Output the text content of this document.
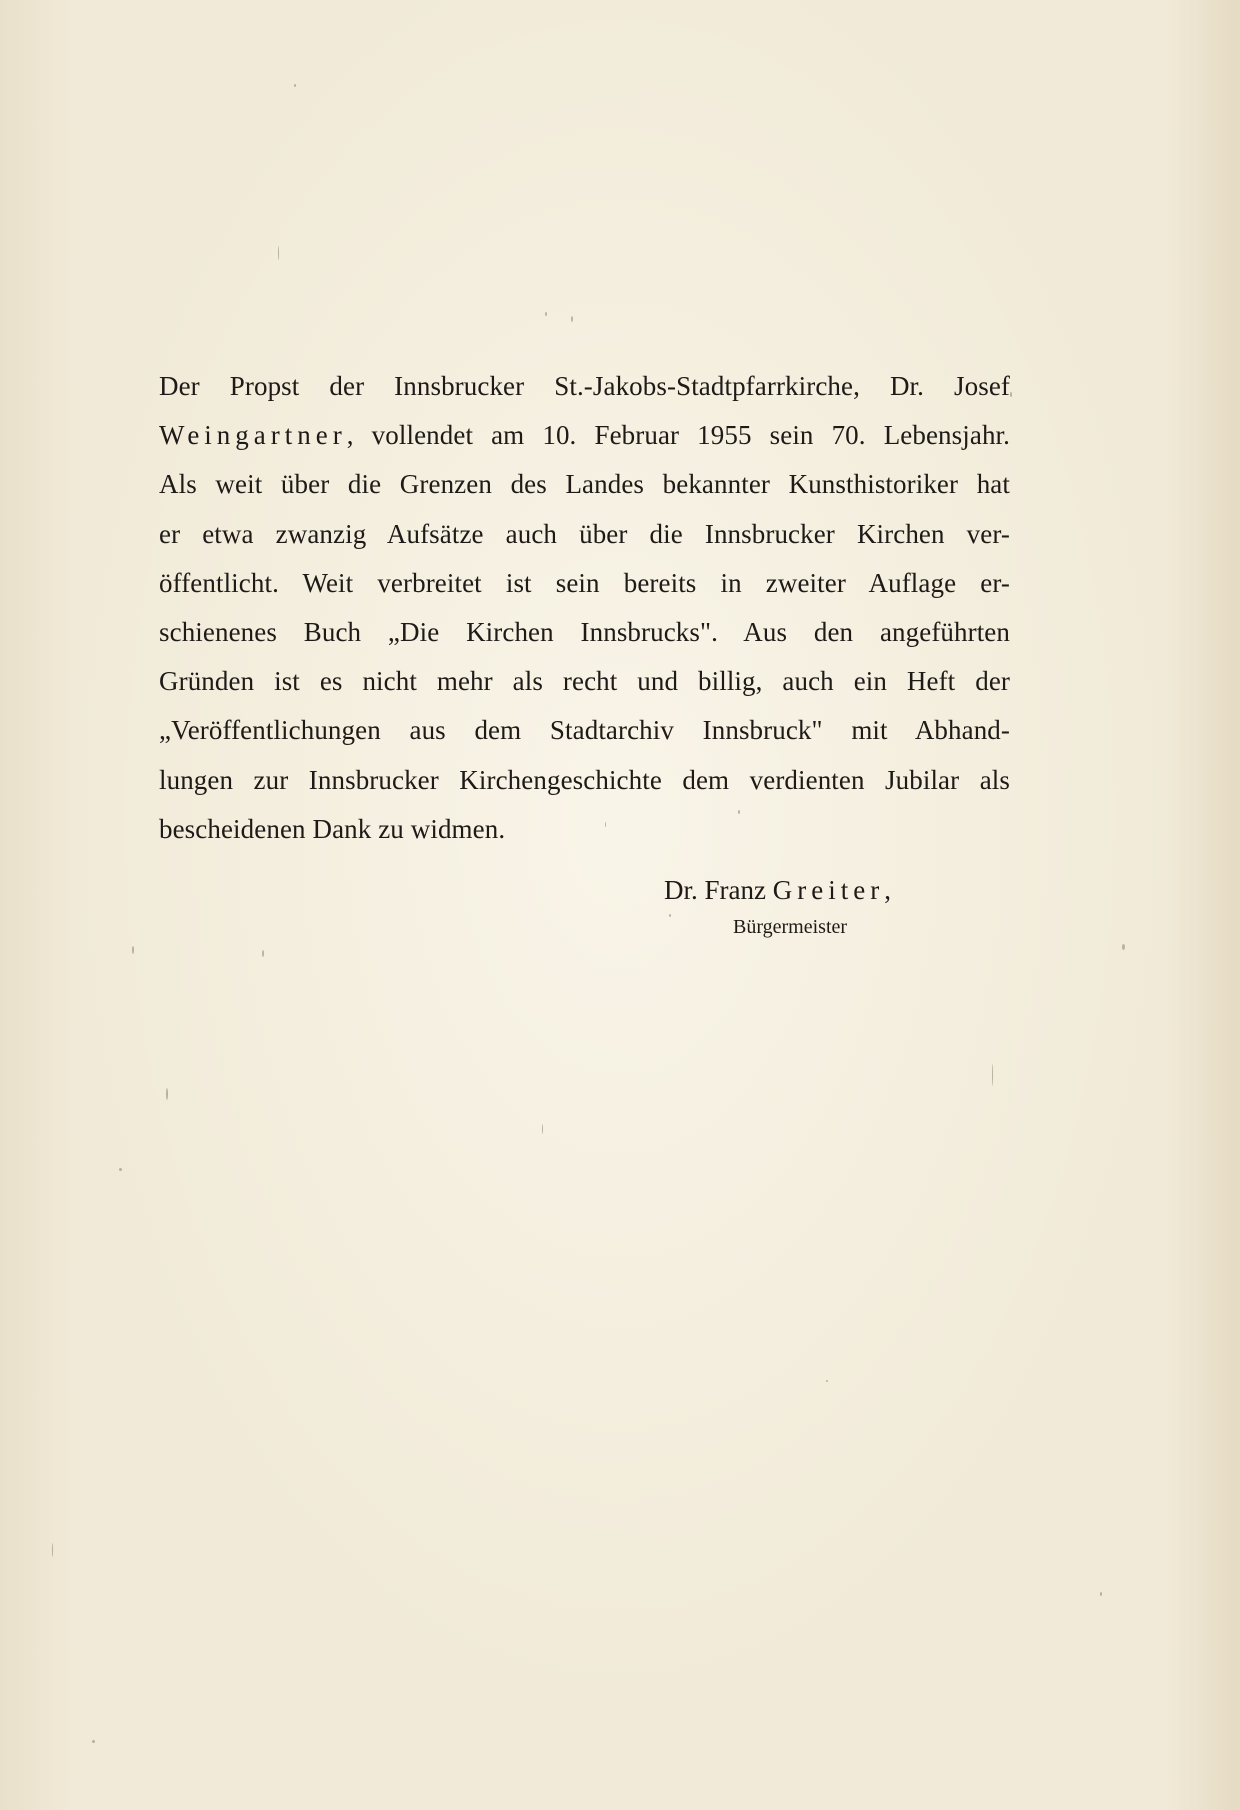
Der Propst der Innsbrucker St.-Jakobs-Stadtpfarrkirche, Dr. Josef
Weingartner, vollendet am 10. Februar 1955 sein 70. Lebensjahr.
Als weit über die Grenzen des Landes bekannter Kunsthistoriker hat
er etwa zwanzig Aufsätze auch über die Innsbrucker Kirchen ver-
öffentlicht. Weit verbreitet ist sein bereits in zweiter Auflage er-
schienenes Buch „Die Kirchen Innsbrucks". Aus den angeführten
Gründen ist es nicht mehr als recht und billig, auch ein Heft der
„Veröffentlichungen aus dem Stadtarchiv Innsbruck" mit Abhand-
lungen zur Innsbrucker Kirchengeschichte dem verdienten Jubilar als
bescheidenen Dank zu widmen.
Dr. Franz Greiter,
Bürgermeister
